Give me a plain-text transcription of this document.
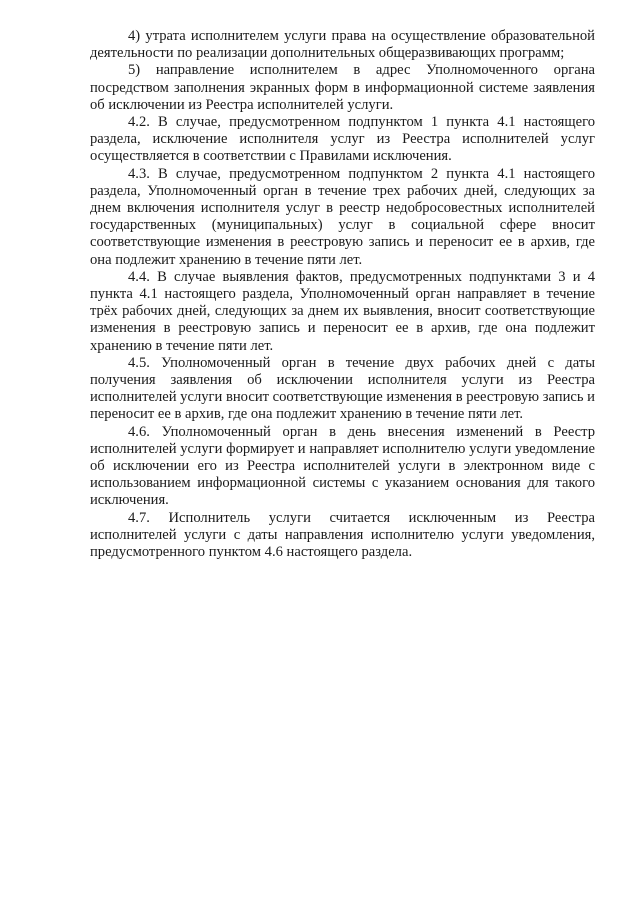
4) утрата исполнителем услуги права на осуществление образовательной деятельности по реализации дополнительных общеразвивающих программ;

5) направление исполнителем в адрес Уполномоченного органа посредством заполнения экранных форм в информационной системе заявления об исключении из Реестра исполнителей услуги.

4.2. В случае, предусмотренном подпунктом 1 пункта 4.1 настоящего раздела, исключение исполнителя услуг из Реестра исполнителей услуг осуществляется в соответствии с Правилами исключения.

4.3. В случае, предусмотренном подпунктом 2 пункта 4.1 настоящего раздела, Уполномоченный орган в течение трех рабочих дней, следующих за днем включения исполнителя услуг в реестр недобросовестных исполнителей государственных (муниципальных) услуг в социальной сфере вносит соответствующие изменения в реестровую запись и переносит ее в архив, где она подлежит хранению в течение пяти лет.

4.4. В случае выявления фактов, предусмотренных подпунктами 3 и 4 пункта 4.1 настоящего раздела, Уполномоченный орган направляет в течение трёх рабочих дней, следующих за днем их выявления, вносит соответствующие изменения в реестровую запись и переносит ее в архив, где она подлежит хранению в течение пяти лет.

4.5. Уполномоченный орган в течение двух рабочих дней с даты получения заявления об исключении исполнителя услуги из Реестра исполнителей услуги вносит соответствующие изменения в реестровую запись и переносит ее в архив, где она подлежит хранению в течение пяти лет.

4.6. Уполномоченный орган в день внесения изменений в Реестр исполнителей услуги формирует и направляет исполнителю услуги уведомление об исключении его из Реестра исполнителей услуги в электронном виде с использованием информационной системы с указанием основания для такого исключения.

4.7. Исполнитель услуги считается исключенным из Реестра исполнителей услуги с даты направления исполнителю услуги уведомления, предусмотренного пунктом 4.6 настоящего раздела.
